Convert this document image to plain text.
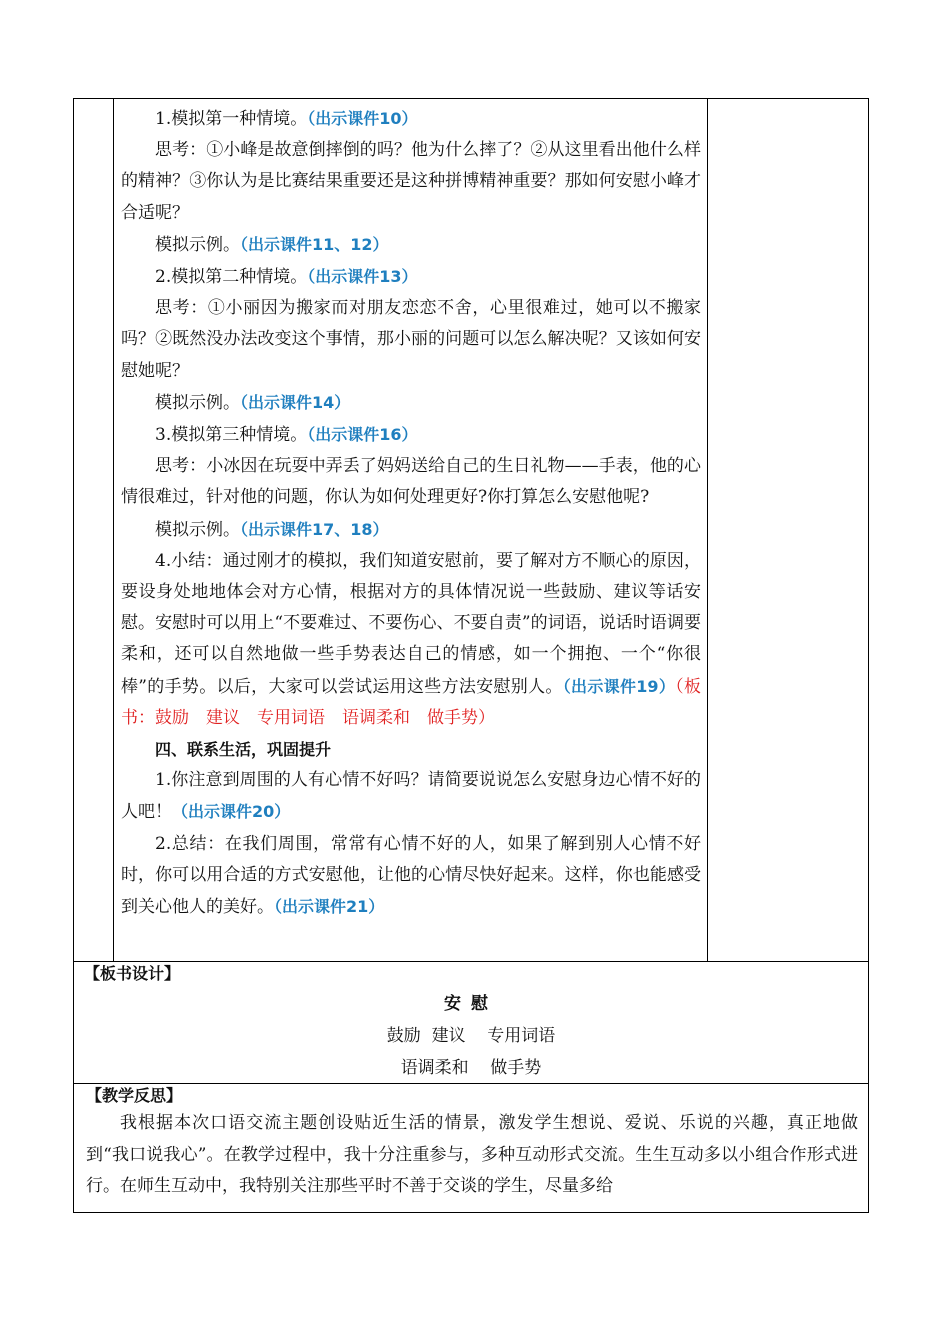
1.模拟第一种情境。（出示课件10）

思考：①小峰是故意倒摔倒的吗？他为什么摔了？②从这里看出他什么样的精神？③你认为是比赛结果重要还是这种拼博精神重要？那如何安慰小峰才合适呢？

模拟示例。（出示课件11、12）
2.模拟第二种情境。（出示课件13）

思考：①小丽因为搬家而对朋友恋恋不舍，心里很难过，她可以不搬家吗？②既然没办法改变这个事情，那小丽的问题可以怎么解决呢？又该如何安慰她呢？

模拟示例。（出示课件14）
3.模拟第三种情境。（出示课件16）

思考：小冰因在玩耍中弄丢了妈妈送给自己的生日礼物——手表，他的心情很难过，针对他的问题，你认为如何处理更好?你打算怎么安慰他呢?

模拟示例。（出示课件17、18）

4.小结：通过刚才的模拟，我们知道安慰前，要了解对方不顺心的原因，要设身处地地体会对方心情，根据对方的具体情况说一些鼓励、建议等话安慰。安慰时可以用上“不要难过、不要伤心、不要自责”的词语，说话时语调要柔和，还可以自然地做一些手势表达自己的情感，如一个拥抱、一个“你很棒”的手势。以后，大家可以尝试运用这些方法安慰别人。（出示课件19）（板书：鼓励　建议　专用词语　语调柔和　做手势）

四、联系生活，巩固提升

1.你注意到周围的人有心情不好吗？请简要说说怎么安慰身边心情不好的人吧！（出示课件20）

2.总结：在我们周围，常常有心情不好的人，如果了解到别人心情不好时，你可以用合适的方式安慰他，让他的心情尽快好起来。这样，你也能感受到关心他人的美好。（出示课件21）

【板书设计】
安慰
鼓励  建议    专用词语
语调柔和    做手势
【教学反思】

我根据本次口语交流主题创设贴近生活的情景，激发学生想说、爱说、乐说的兴趣，真正地做到“我口说我心”。在教学过程中，我十分注重参与，多种互动形式交流。生生互动多以小组合作形式进行。在师生互动中，我特别关注那些平时不善于交谈的学生，尽量多给
